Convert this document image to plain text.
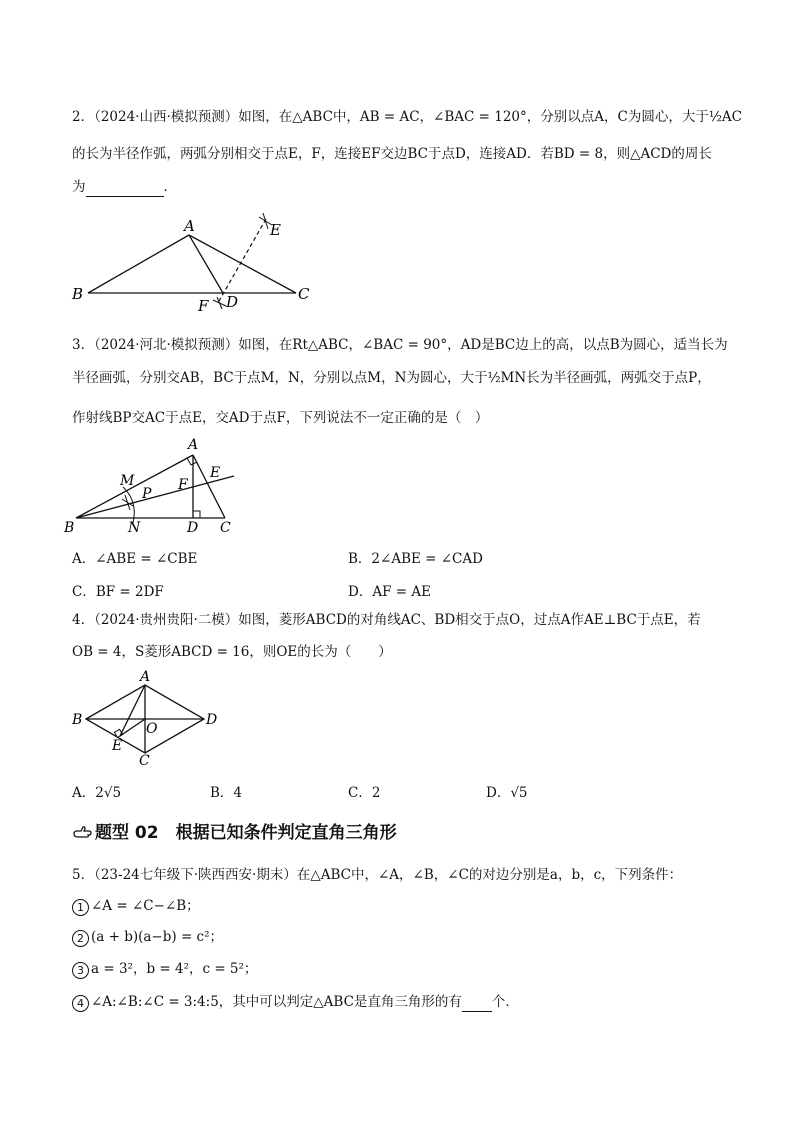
2．（2024·山西·模拟预测）如图，在△ABC中，AB = AC，∠BAC = 120°，分别以点A，C为圆心，大于½AC
的长为半径作弧，两弧分别相交于点E，F，连接EF交边BC于点D，连接AD．若BD = 8，则△ACD的周长
为	．
A
B	C
D
E
F
3．（2024·河北·模拟预测）如图，在Rt△ABC，∠BAC = 90°，AD是BC边上的高，以点B为圆心，适当长为
半径画弧，分别交AB，BC于点M，N，分别以点M，N为圆心，大于½MN长为半径画弧，两弧交于点P，
作射线BP交AC于点E，交AD于点F，下列说法不一定正确的是（　）
A
B	C
D
E
F
M
N
P
A．∠ABE = ∠CBE	B．2∠ABE = ∠CAD
C．BF = 2DF	D．AF = AE
4．（2024·贵州贵阳·二模）如图，菱形ABCD的对角线AC、BD相交于点O，过点A作AE⊥BC于点E，若
OB = 4，S菱形ABCD = 16，则OE的长为（　　）
A
B
C
D
E
O
A．2√5	B．4	C．2	D．√5
题型 02　根据已知条件判定直角三角形
5．（23-24七年级下·陕西西安·期末）在△ABC中，∠A，∠B，∠C的对边分别是a，b，c，下列条件：
1 ∠A = ∠C−∠B；
2 (a + b)(a−b) = c²；
3 a = 3²，b = 4²，c = 5²；
4 ∠A:∠B:∠C = 3:4:5，其中可以判定△ABC是直角三角形的有 个．
